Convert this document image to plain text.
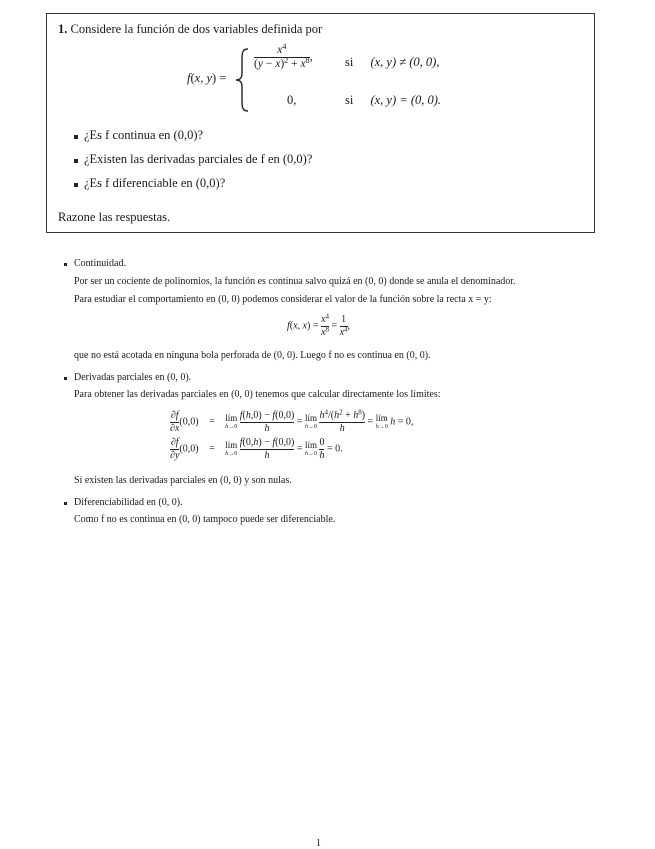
1. Considere la función de dos variables definida por
f(x, y) =
$\frac{x^4}{(y - x)^2 + x^8}$ ,	si (x, y) ≠ (0, 0),
0,	si (x, y) = (0, 0).
¿Es f continua en (0,0)?
¿Existen las derivadas parciales de f en (0,0)?
¿Es f diferenciable en (0,0)?
Razone las respuestas.
Continuidad.
Por ser un cociente de polinomios, la función es continua salvo quizá en (0, 0) donde se anula el denominador.
Para estudiar el comportamiento en (0, 0) podemos considerar el valor de la función sobre la recta x = y:
f(x, $x) = \frac{x^4}{x^8} = \frac{1}{x^4}$ ,
que no está acotada en ninguna bola perforada de (0, 0). Luego f no es continua en (0, 0).
Derivadas parciales en (0, 0).
Para obtener las derivadas parciales en (0, 0) tenemos que calcular directamente los límites:
$\frac{\partial f}{\partial x} (0,0)$ = lím
h→0
$\frac{f(h,0) - f(0,0)}{h}$ = lím
h→0
$\frac{h^4/(h^2 + h^8)}{h}$ = lím
h→0 h = 0,
$\frac{\partial f}{\partial y} (0,0)$ = lím
h→0
$\frac{f(0,h) - f(0,0)}{h}$ = lím
h→0
$\frac{0}{h} = 0$.
Sí existen las derivadas parciales en (0, 0) y son nulas.
Diferenciabilidad en (0, 0).
Como f no es continua en (0, 0) tampoco puede ser diferenciable.
1
